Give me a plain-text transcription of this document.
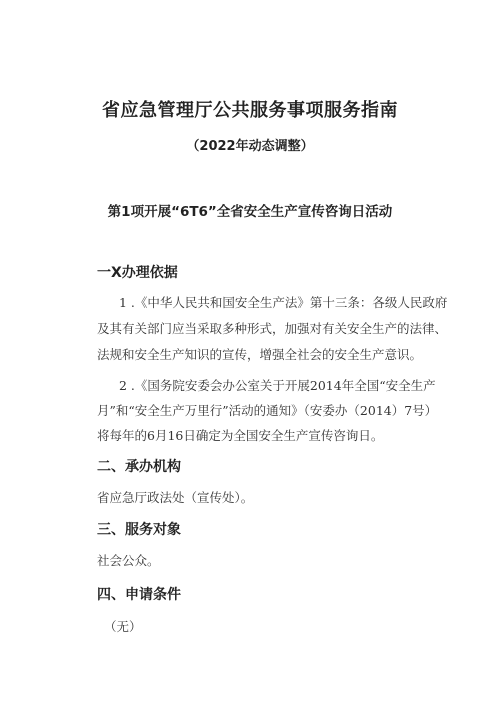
省应急管理厅公共服务事项服务指南
（2022年动态调整）
第1项开展“6T6”全省安全生产宣传咨询日活动
一X办理依据
1 .《中华人民共和国安全生产法》第十三条：各级人民政府
及其有关部门应当采取多种形式，加强对有关安全生产的法律、
法规和安全生产知识的宣传，增强全社会的安全生产意识。
2 .《国务院安委会办公室关于开展2014年全国“安全生产
月”和“安全生产万里行”活动的通知》（安委办（2014）7号）
将每年的6月16日确定为全国安全生产宣传咨询日。
二、承办机构
省应急厅政法处（宣传处）。
三、服务对象
社会公众。
四、申请条件
（无）
